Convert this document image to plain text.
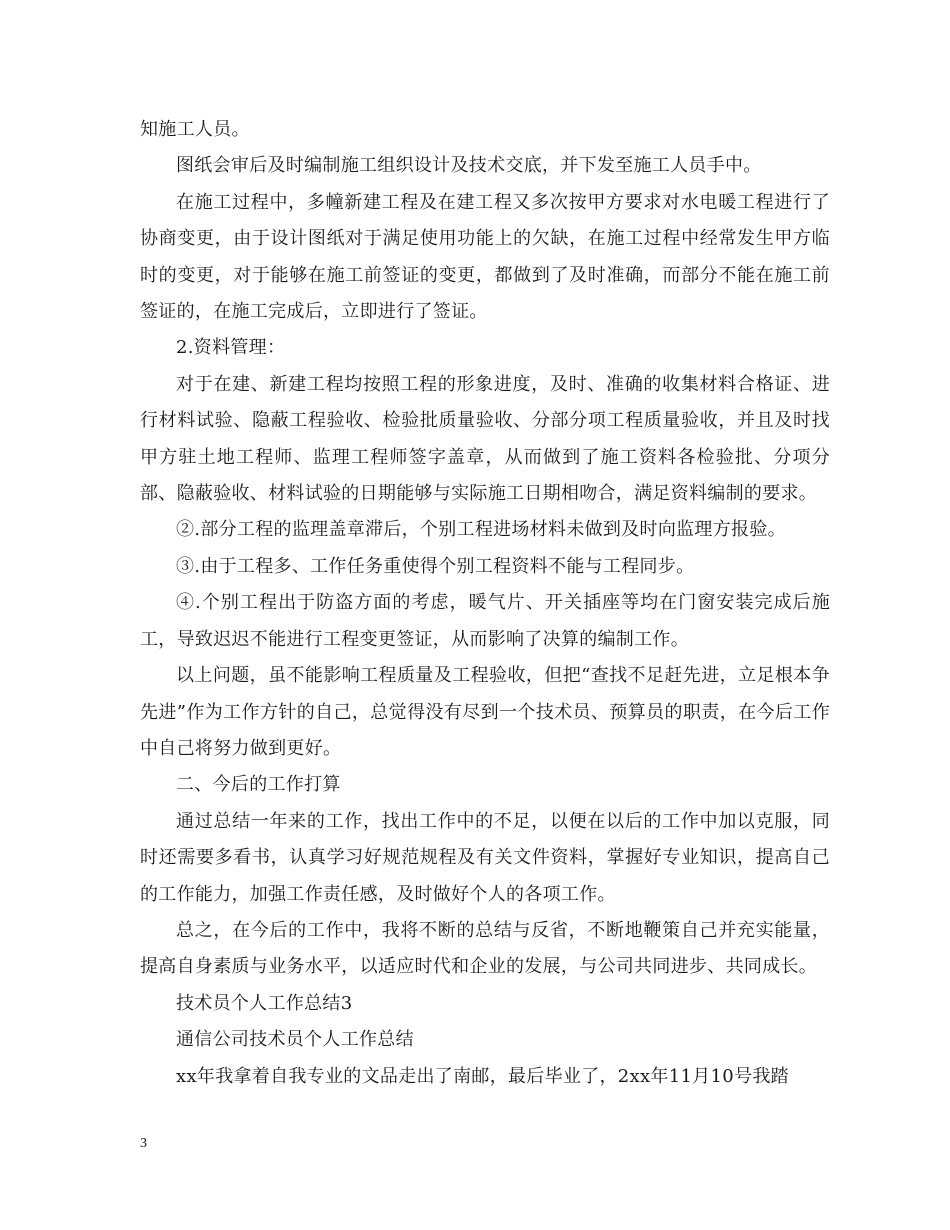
知施工人员。

图纸会审后及时编制施工组织设计及技术交底，并下发至施工人员手中。

在施工过程中，多幢新建工程及在建工程又多次按甲方要求对水电暖工程进行了协商变更，由于设计图纸对于满足使用功能上的欠缺，在施工过程中经常发生甲方临时的变更，对于能够在施工前签证的变更，都做到了及时准确，而部分不能在施工前签证的，在施工完成后，立即进行了签证。

2.资料管理：

对于在建、新建工程均按照工程的形象进度，及时、准确的收集材料合格证、进行材料试验、隐蔽工程验收、检验批质量验收、分部分项工程质量验收，并且及时找甲方驻土地工程师、监理工程师签字盖章，从而做到了施工资料各检验批、分项分部、隐蔽验收、材料试验的日期能够与实际施工日期相吻合，满足资料编制的要求。

②.部分工程的监理盖章滞后，个别工程进场材料未做到及时向监理方报验。

③.由于工程多、工作任务重使得个别工程资料不能与工程同步。

④.个别工程出于防盗方面的考虑，暖气片、开关插座等均在门窗安装完成后施工，导致迟迟不能进行工程变更签证，从而影响了决算的编制工作。

以上问题，虽不能影响工程质量及工程验收，但把“查找不足赶先进，立足根本争先进”作为工作方针的自己，总觉得没有尽到一个技术员、预算员的职责，在今后工作中自己将努力做到更好。

二、今后的工作打算

通过总结一年来的工作，找出工作中的不足，以便在以后的工作中加以克服，同时还需要多看书，认真学习好规范规程及有关文件资料，掌握好专业知识，提高自己的工作能力，加强工作责任感，及时做好个人的各项工作。

总之，在今后的工作中，我将不断的总结与反省，不断地鞭策自己并充实能量，提高自身素质与业务水平，以适应时代和企业的发展，与公司共同进步、共同成长。

技术员个人工作总结3

通信公司技术员个人工作总结

xx年我拿着自我专业的文品走出了南邮，最后毕业了，2xx年11月10号我踏

3
